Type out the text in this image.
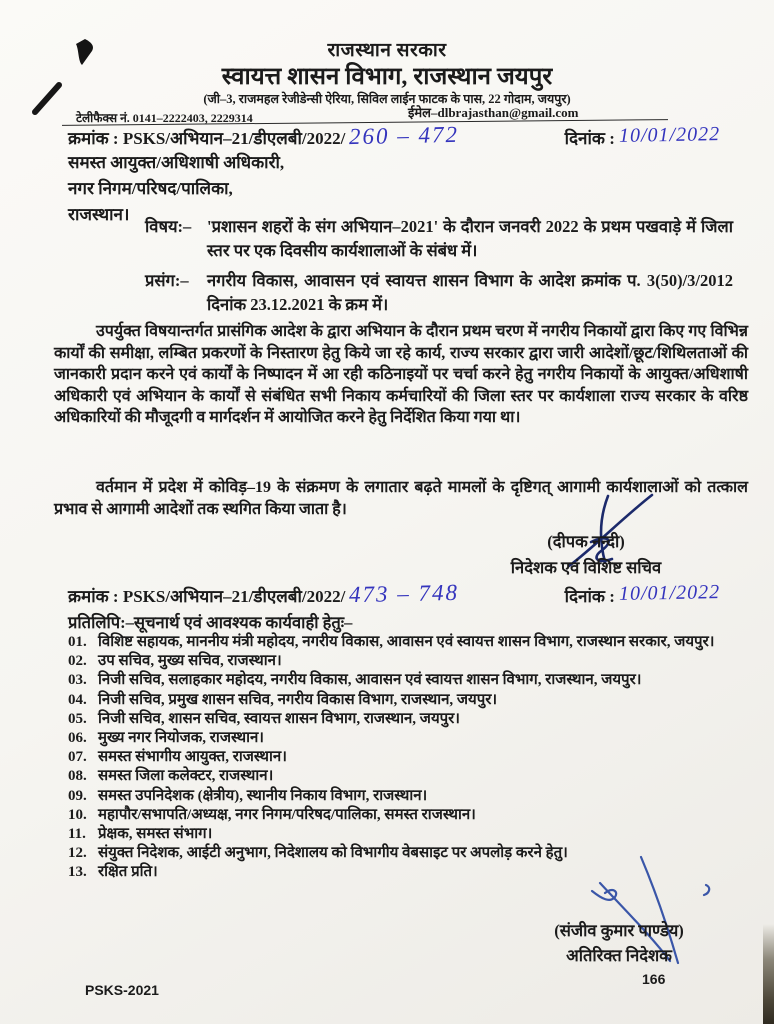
राजस्थान सरकार
स्वायत्त शासन विभाग, राजस्थान जयपुर
(जी–3, राजमहल रेजीडेन्सी ऐरिया, सिविल लाईन फाटक के पास, 22 गोदाम, जयपुर)
टेलीफैक्स नं. 0141–2222403, 2229314	ईमेल–dlbrajasthan@gmail.com
क्रमांक : PSKS/अभियान–21/डीएलबी/2022/ 260 – 472	दिनांक : 10/01/2022
समस्त आयुक्त/अधिशाषी अधिकारी,
नगर निगम/परिषद/पालिका,
राजस्थान।
विषय:– 'प्रशासन शहरों के संग अभियान–2021' के दौरान जनवरी 2022 के प्रथम पखवाड़े में जिला स्तर पर एक दिवसीय कार्यशालाओं के संबंध में।
प्रसंग:–	नगरीय विकास, आवासन एवं स्वायत्त शासन विभाग के आदेश क्रमांक प. 3(50)/3/2012 दिनांक 23.12.2021 के क्रम में।

उपर्युक्त विषयान्तर्गत प्रासंगिक आदेश के द्वारा अभियान के दौरान प्रथम चरण में नगरीय निकायों द्वारा किए गए विभिन्न कार्यों की समीक्षा, लम्बित प्रकरणों के निस्तारण हेतु किये जा रहे कार्य, राज्य सरकार द्वारा जारी आदेशों/छूट/शिथिलताओं की जानकारी प्रदान करने एवं कार्यों के निष्पादन में आ रही कठिनाइयों पर चर्चा करने हेतु नगरीय निकायों के आयुक्त/अधिशाषी अधिकारी एवं अभियान के कार्यों से संबंधित सभी निकाय कर्मचारियों की जिला स्तर पर कार्यशाला राज्य सरकार के वरिष्ठ अधिकारियों की मौजूदगी व मार्गदर्शन में आयोजित करने हेतु निर्देशित किया गया था।

वर्तमान में प्रदेश में कोविड़–19 के संक्रमण के लगातार बढ़ते मामलों के दृष्टिगत् आगामी कार्यशालाओं को तत्काल प्रभाव से आगामी आदेशों तक स्थगित किया जाता है।

(दीपक नन्दी)
निदेशक एवं विशिष्ट सचिव
क्रमांक : PSKS/अभियान–21/डीएलबी/2022/ 473 – 748	दिनांक : 10/01/2022
प्रतिलिपि:–सूचनार्थ एवं आवश्यक कार्यवाही हेतुः–
01. विशिष्ट सहायक, माननीय मंत्री महोदय, नगरीय विकास, आवासन एवं स्वायत्त शासन विभाग, राजस्थान सरकार, जयपुर।
02. उप सचिव, मुख्य सचिव, राजस्थान।
03. निजी सचिव, सलाहकार महोदय, नगरीय विकास, आवासन एवं स्वायत्त शासन विभाग, राजस्थान, जयपुर।
04. निजी सचिव, प्रमुख शासन सचिव, नगरीय विकास विभाग, राजस्थान, जयपुर।
05. निजी सचिव, शासन सचिव, स्वायत्त शासन विभाग, राजस्थान, जयपुर।
06. मुख्य नगर नियोजक, राजस्थान।
07. समस्त संभागीय आयुक्त, राजस्थान।
08. समस्त जिला कलेक्टर, राजस्थान।
09. समस्त उपनिदेशक (क्षेत्रीय), स्थानीय निकाय विभाग, राजस्थान।
10. महापौर/सभापति/अध्यक्ष, नगर निगम/परिषद/पालिका, समस्त राजस्थान।
11. प्रेक्षक, समस्त संभाग।
12. संयुक्त निदेशक, आईटी अनुभाग, निदेशालय को विभागीय वेबसाइट पर अपलोड़ करने हेतु।
13. रक्षित प्रति।
(संजीव कुमार पाण्डेय)
अतिरिक्त निदेशक
PSKS-2021
166
